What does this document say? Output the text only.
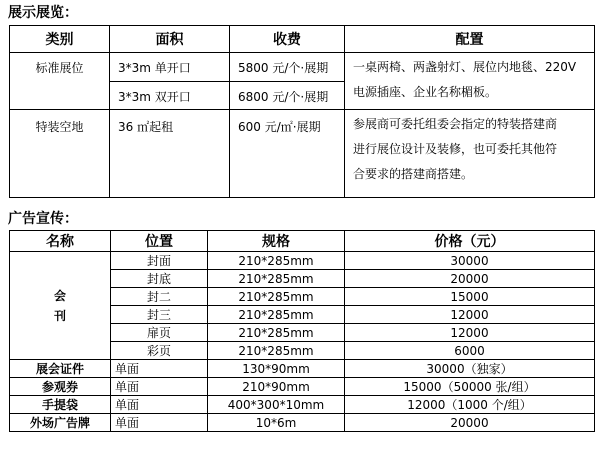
展示展览：
类别	面积	收费	配置
标准展位	3*3m 单开口	5800 元/个·展期	一桌两椅、两盏射灯、展位内地毯、220V
电源插座、企业名称楣板。

	3*3m 双开口	6800 元/个·展期	
特装空地	36 ㎡起租	600 元/㎡·展期	参展商可委托组委会指定的特装搭建商
进行展位设计及装修，也可委托其他符
合要求的搭建商搭建。
广告宣传：
名称	位置	规格	价格（元）
会
刊	封面	210*285mm	30000
	封底	210*285mm	20000
	封二	210*285mm	15000
	封三	210*285mm	12000
	扉页	210*285mm	12000
	彩页	210*285mm	6000
展会证件	单面	130*90mm	30000（独家）
参观券	单面	210*90mm	15000（50000 张/组）
手提袋	单面	400*300*10mm	12000（1000 个/组）
外场广告牌	单面	10*6m	20000
